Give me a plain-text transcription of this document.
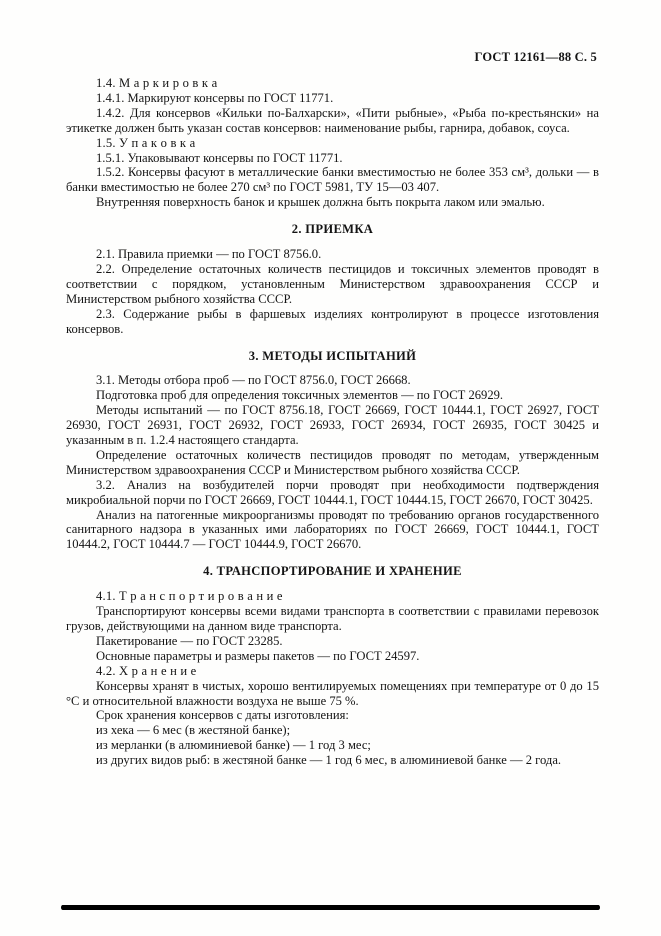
ГОСТ 12161—88 С. 5

1.4. М а р к и р о в к а

1.4.1. Маркируют консервы по ГОСТ 11771.

1.4.2. Для консервов «Кильки по-Балхарски», «Пити рыбные», «Рыба по-крестьянски» на этикетке должен быть указан состав консервов: наименование рыбы, гарнира, добавок, соуса.

1.5. У п а к о в к а

1.5.1. Упаковывают консервы по ГОСТ 11771.

1.5.2. Консервы фасуют в металлические банки вместимостью не более 353 см³, дольки — в банки вместимостью не более 270 см³ по ГОСТ 5981, ТУ 15—03 407.

Внутренняя поверхность банок и крышек должна быть покрыта лаком или эмалью.

2. ПРИЕМКА

2.1. Правила приемки — по ГОСТ 8756.0.

2.2. Определение остаточных количеств пестицидов и токсичных элементов проводят в соответствии с порядком, установленным Министерством здравоохранения СССР и Министерством рыбного хозяйства СССР.

2.3. Содержание рыбы в фаршевых изделиях контролируют в процессе изготовления консервов.

3. МЕТОДЫ ИСПЫТАНИЙ

3.1. Методы отбора проб — по ГОСТ 8756.0, ГОСТ 26668.

Подготовка проб для определения токсичных элементов — по ГОСТ 26929.

Методы испытаний — по ГОСТ 8756.18, ГОСТ 26669, ГОСТ 10444.1, ГОСТ 26927, ГОСТ 26930, ГОСТ 26931, ГОСТ 26932, ГОСТ 26933, ГОСТ 26934, ГОСТ 26935, ГОСТ 30425 и указанным в п. 1.2.4 настоящего стандарта.

Определение остаточных количеств пестицидов проводят по методам, утвержденным Министерством здравоохранения СССР и Министерством рыбного хозяйства СССР.

3.2. Анализ на возбудителей порчи проводят при необходимости подтверждения микробиальной порчи по ГОСТ 26669, ГОСТ 10444.1, ГОСТ 10444.15, ГОСТ 26670, ГОСТ 30425.

Анализ на патогенные микроорганизмы проводят по требованию органов государственного санитарного надзора в указанных ими лабораториях по ГОСТ 26669, ГОСТ 10444.1, ГОСТ 10444.2, ГОСТ 10444.7 — ГОСТ 10444.9, ГОСТ 26670.

4. ТРАНСПОРТИРОВАНИЕ И ХРАНЕНИЕ

4.1. Т р а н с п о р т и р о в а н и е

Транспортируют консервы всеми видами транспорта в соответствии с правилами перевозок грузов, действующими на данном виде транспорта.

Пакетирование — по ГОСТ 23285.

Основные параметры и размеры пакетов — по ГОСТ 24597.

4.2. Х р а н е н и е

Консервы хранят в чистых, хорошо вентилируемых помещениях при температуре от 0 до 15 °С и относительной влажности воздуха не выше 75 %.

Срок хранения консервов с даты изготовления:

из хека — 6 мес (в жестяной банке);

из мерланки (в алюминиевой банке) — 1 год 3 мес;

из других видов рыб: в жестяной банке — 1 год 6 мес, в алюминиевой банке — 2 года.
